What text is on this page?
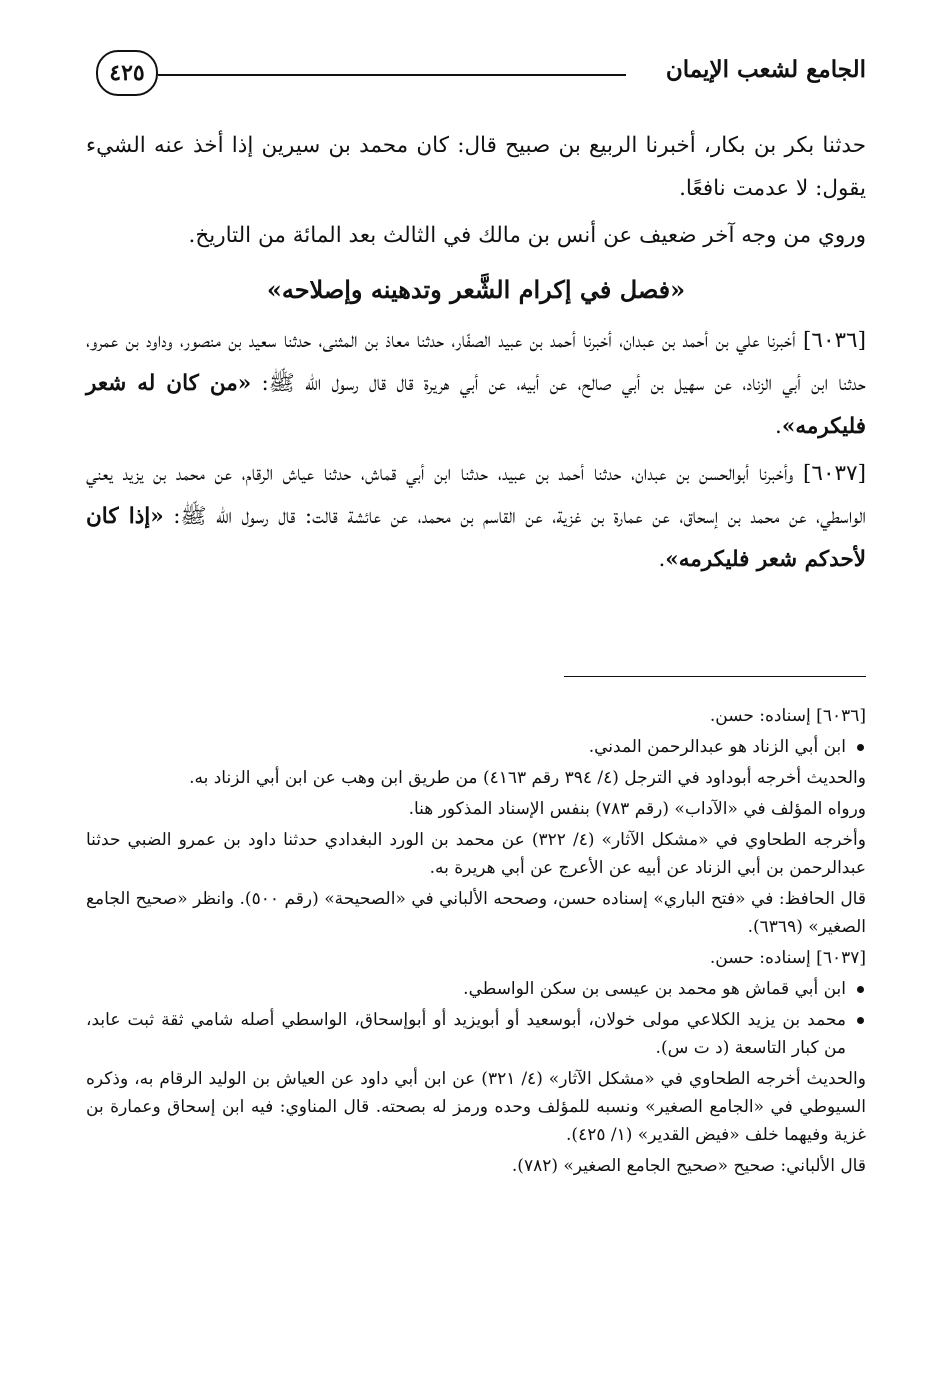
٤٢٥	الجامع لشعب الإيمان

حدثنا بكر بن بكار، أخبرنا الربيع بن صبيح قال: كان محمد بن سيرين إذا أخذ عنه الشيء يقول: لا عدمت نافعًا.

وروي من وجه آخر ضعيف عن أنس بن مالك في الثالث بعد المائة من التاريخ.

«فصل في إكرام الشَّعر وتدهينه وإصلاحه»

[٦٠٣٦] أخبرنا علي بن أحمد بن عبدان، أخبرنا أحمد بن عبيد الصفّار، حدثنا معاذ بن المثنى، حدثنا سعيد بن منصور، وداود بن عمرو، حدثنا ابن أبي الزناد، عن سهيل بن أبي صالح، عن أبيه، عن أبي هريرة قال قال رسول الله ﷺ: «من كان له شعر فليكرمه».

[٦٠٣٧] وأخبرنا أبوالحسن بن عبدان، حدثنا أحمد بن عبيد، حدثنا ابن أبي قماش، حدثنا عياش الرقام، عن محمد بن يزيد يعني الواسطي، عن محمد بن إسحاق، عن عمارة بن غزية، عن القاسم بن محمد، عن عائشة قالت: قال رسول الله ﷺ: «إذا كان لأحدكم شعر فليكرمه».

[٦٠٣٦] إسناده: حسن.

ابن أبي الزناد هو عبدالرحمن المدني.

والحديث أخرجه أبوداود في الترجل (٤/ ٣٩٤ رقم ٤١٦٣) من طريق ابن وهب عن ابن أبي الزناد به.

ورواه المؤلف في «الآداب» (رقم ٧٨٣) بنفس الإسناد المذكور هنا.

وأخرجه الطحاوي في «مشكل الآثار» (٤/ ٣٢٢) عن محمد بن الورد البغدادي حدثنا داود بن عمرو الضبي حدثنا عبدالرحمن بن أبي الزناد عن أبيه عن الأعرج عن أبي هريرة به.

قال الحافظ: في «فتح الباري» إسناده حسن، وصححه الألباني في «الصحيحة» (رقم ٥٠٠). وانظر «صحيح الجامع الصغير» (٦٣٦٩).

[٦٠٣٧] إسناده: حسن.

ابن أبي قماش هو محمد بن عيسى بن سكن الواسطي.

محمد بن يزيد الكلاعي مولى خولان، أبوسعيد أو أبويزيد أو أبوإسحاق، الواسطي أصله شامي ثقة ثبت عابد، من كبار التاسعة (د ت س).

والحديث أخرجه الطحاوي في «مشكل الآثار» (٤/ ٣٢١) عن ابن أبي داود عن العياش بن الوليد الرقام به، وذكره السيوطي في «الجامع الصغير» ونسبه للمؤلف وحده ورمز له بصحته. قال المناوي: فيه ابن إسحاق وعمارة بن غزية وفيهما خلف «فيض القدير» (١/ ٤٢٥).

قال الألباني: صحيح «صحيح الجامع الصغير» (٧٨٢).
